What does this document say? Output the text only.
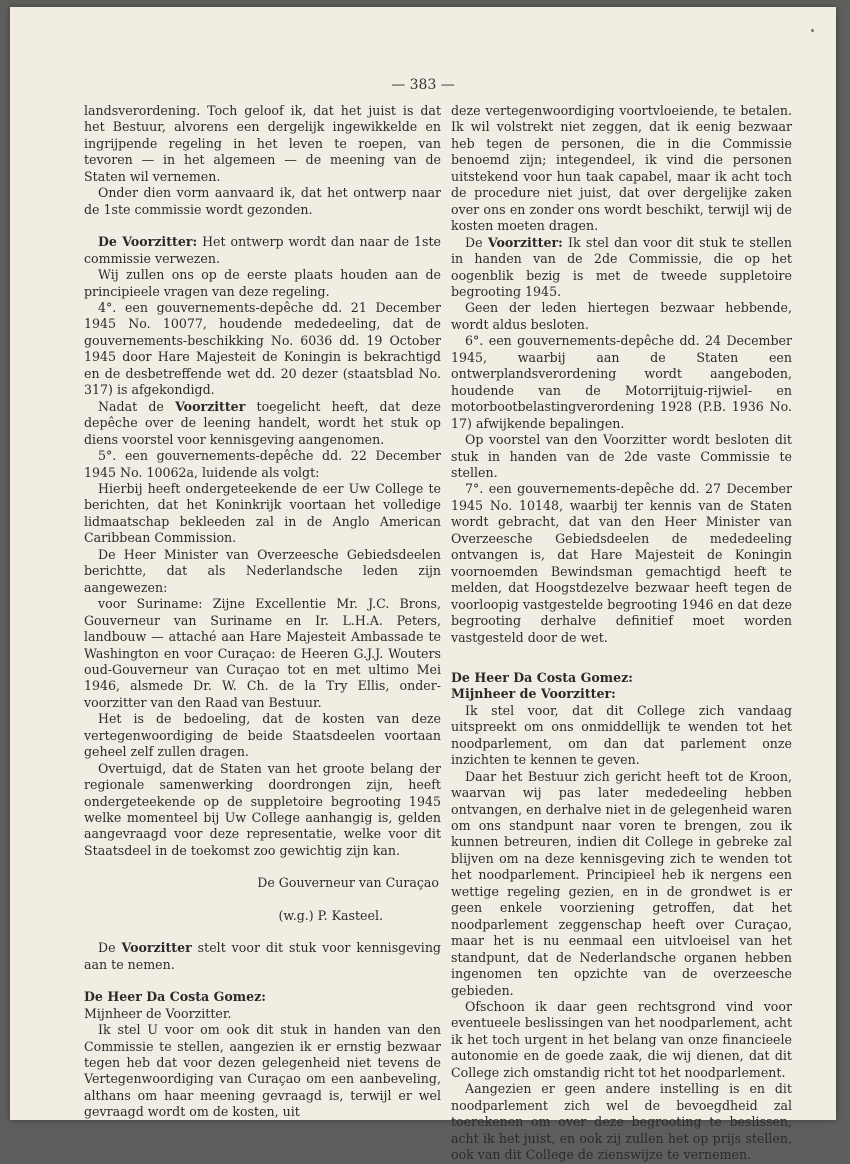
— 383 —

landsverordening. Toch geloof ik, dat het juist is dat het Bestuur, alvorens een dergelijk ingewikkelde en ingrijpende regeling in het leven te roepen, van tevoren — in het algemeen — de meening van de Staten wil vernemen.

Onder dien vorm aanvaard ik, dat het ontwerp naar de 1ste commissie wordt gezonden.

De Voorzitter: Het ontwerp wordt dan naar de 1ste commissie verwezen.

Wij zullen ons op de eerste plaats houden aan de principieele vragen van deze regeling.

4°. een gouvernements-depêche dd. 21 December 1945 No. 10077, houdende mededeeling, dat de gouvernements-beschikking No. 6036 dd. 19 October 1945 door Hare Majesteit de Koningin is bekrachtigd en de desbetreffende wet dd. 20 dezer (staatsblad No. 317) is afgekondigd.

Nadat de Voorzitter toegelicht heeft, dat deze depêche over de leening handelt, wordt het stuk op diens voorstel voor kennisgeving aangenomen.

5°. een gouvernements-depêche dd. 22 December 1945 No. 10062a, luidende als volgt:

Hierbij heeft ondergeteekende de eer Uw College te berichten, dat het Koninkrijk voortaan het volledige lidmaatschap bekleeden zal in de Anglo American Caribbean Commission.

De Heer Minister van Overzeesche Gebiedsdeelen berichtte, dat als Nederlandsche leden zijn aangewezen:

voor Suriname: Zijne Excellentie Mr. J.C. Brons, Gouverneur van Suriname en Ir. L.H.A. Peters, landbouw — attaché aan Hare Majesteit Ambassade te Washington en voor Curaçao: de Heeren G.J.J. Wouters oud-Gouverneur van Curaçao tot en met ultimo Mei 1946, alsmede Dr. W. Ch. de la Try Ellis, onder-voorzitter van den Raad van Bestuur.

Het is de bedoeling, dat de kosten van deze vertegenwoordiging de beide Staatsdeelen voortaan geheel zelf zullen dragen.

Overtuigd, dat de Staten van het groote belang der regionale samenwerking doordrongen zijn, heeft ondergeteekende op de suppletoire begrooting 1945 welke momenteel bij Uw College aanhangig is, gelden aangevraagd voor deze representatie, welke voor dit Staatsdeel in de toekomst zoo gewichtig zijn kan.

De Gouverneur van Curaçao

(w.g.) P. Kasteel.

De Voorzitter stelt voor dit stuk voor kennisgeving aan te nemen.

De Heer Da Costa Gomez:

Mijnheer de Voorzitter.

Ik stel U voor om ook dit stuk in handen van den Commissie te stellen, aangezien ik er ernstig bezwaar tegen heb dat voor dezen gelegenheid niet tevens de Vertegenwoordiging van Curaçao om een aanbeveling, althans om haar meening gevraagd is, terwijl er wel gevraagd wordt om de kosten, uit

deze vertegenwoordiging voortvloeiende, te betalen. Ik wil volstrekt niet zeggen, dat ik eenig bezwaar heb tegen de personen, die in die Commissie benoemd zijn; integendeel, ik vind die personen uitstekend voor hun taak capabel, maar ik acht toch de procedure niet juist, dat over dergelijke zaken over ons en zonder ons wordt beschikt, terwijl wij de kosten moeten dragen.

De Voorzitter: Ik stel dan voor dit stuk te stellen in handen van de 2de Commissie, die op het oogenblik bezig is met de tweede suppletoire begrooting 1945.

Geen der leden hiertegen bezwaar hebbende, wordt aldus besloten.

6°. een gouvernements-depêche dd. 24 December 1945, waarbij aan de Staten een ontwerplandsverordening wordt aangeboden, houdende van de Motorrijtuig-rijwiel- en motorbootbelastingverordening 1928 (P.B. 1936 No. 17) afwijkende bepalingen.

Op voorstel van den Voorzitter wordt besloten dit stuk in handen van de 2de vaste Commissie te stellen.

7°. een gouvernements-depêche dd. 27 December 1945 No. 10148, waarbij ter kennis van de Staten wordt gebracht, dat van den Heer Minister van Overzeesche Gebiedsdeelen de mededeeling ontvangen is, dat Hare Majesteit de Koningin voornoemden Bewindsman gemachtigd heeft te melden, dat Hoogstdezelve bezwaar heeft tegen de voorloopig vastgestelde begrooting 1946 en dat deze begrooting derhalve definitief moet worden vastgesteld door de wet.

De Heer Da Costa Gomez:

Mijnheer de Voorzitter:

Ik stel voor, dat dit College zich vandaag uitspreekt om ons onmiddellijk te wenden tot het noodparlement, om dan dat parlement onze inzichten te kennen te geven.

Daar het Bestuur zich gericht heeft tot de Kroon, waarvan wij pas later mededeeling hebben ontvangen, en derhalve niet in de gelegenheid waren om ons standpunt naar voren te brengen, zou ik kunnen betreuren, indien dit College in gebreke zal blijven om na deze kennisgeving zich te wenden tot het noodparlement. Principieel heb ik nergens een wettige regeling gezien, en in de grondwet is er geen enkele voorziening getroffen, dat het noodparlement zeggenschap heeft over Curaçao, maar het is nu eenmaal een uitvloeisel van het standpunt, dat de Nederlandsche organen hebben ingenomen ten opzichte van de overzeesche gebieden.

Ofschoon ik daar geen rechtsgrond vind voor eventueele beslissingen van het noodparlement, acht ik het toch urgent in het belang van onze financieele autonomie en de goede zaak, die wij dienen, dat dit College zich omstandig richt tot het noodparlement.

Aangezien er geen andere instelling is en dit noodparlement zich wel de bevoegdheid zal toerekenen om over deze begrooting te beslissen, acht ik het juist, en ook zij zullen het op prijs stellen, ook van dit College de zienswijze te vernemen.
